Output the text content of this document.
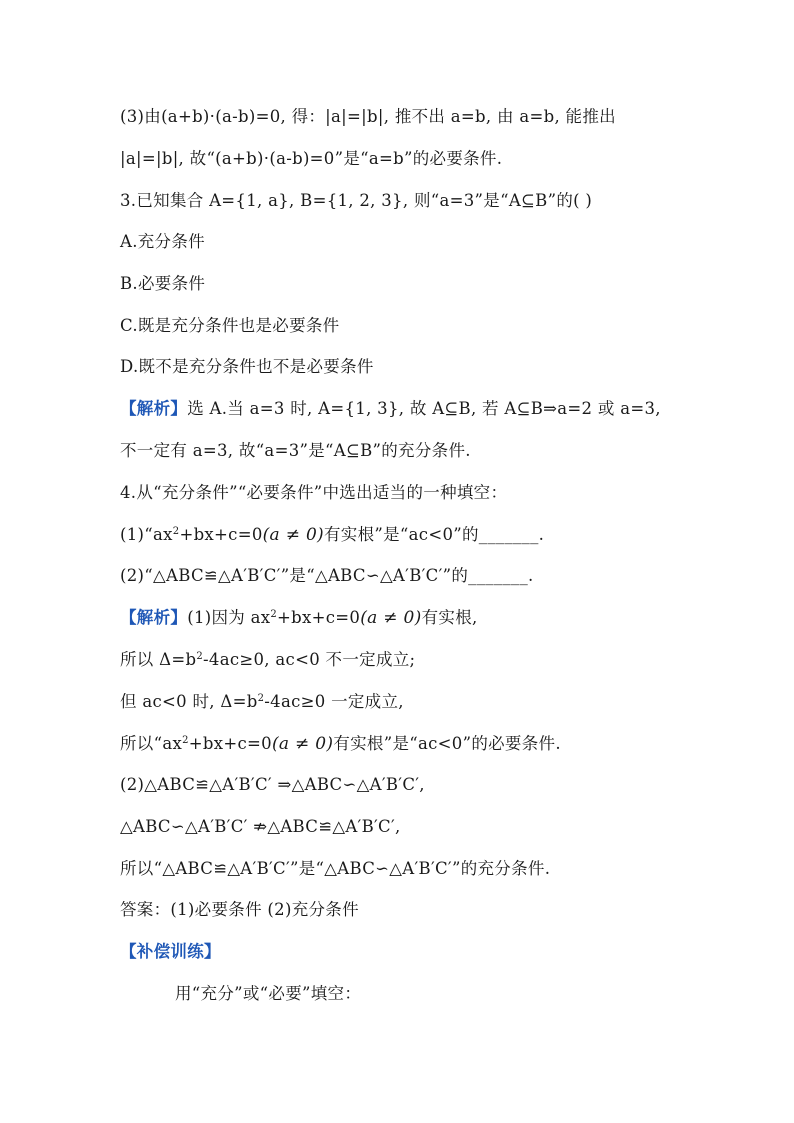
(3)由(a+b)·(a-b)=0, 得：|a|=|b|, 推不出 a=b, 由 a=b, 能推出
|a|=|b|, 故“(a+b)·(a-b)=0”是“a=b”的必要条件.
3.已知集合 A={1, a}, B={1, 2, 3}, 则“a=3”是“A⊆B”的( )
A.充分条件
B.必要条件
C.既是充分条件也是必要条件
D.既不是充分条件也不是必要条件
【解析】选 A.当 a=3 时, A={1, 3}, 故 A⊆B, 若 A⊆B⇒a=2 或 a=3,
不一定有 a=3, 故“a=3”是“A⊆B”的充分条件.
4.从“充分条件”“必要条件”中选出适当的一种填空：
$(1)“ax^2+bx+c=0(a \ne 0)$有实根”是“ac<0”的_______.
(2)“△ABC≌△A′B′C′”是“△ABC∽△A′B′C′”的_______.
【解析】(1)因为 $ax^2+bx+c=0(a \ne 0)$有实根,
所以 $\Delta=b^2-4ac\ge 0$, ac<0 不一定成立;
但 ac<0 时, $\Delta=b^2-4ac\ge 0$ 一定成立,
所以“$ax^2+bx+c=0(a \ne 0)$有实根”是“ac<0”的必要条件.
(2)△ABC≌△A′B′C′ ⇒△ABC∽△A′B′C′,
△ABC∽△A′B′C′ ⇏△ABC≌△A′B′C′,
所以“△ABC≌△A′B′C′”是“△ABC∽△A′B′C′”的充分条件.
答案：(1)必要条件 (2)充分条件
【补偿训练】
用“充分”或“必要”填空：
